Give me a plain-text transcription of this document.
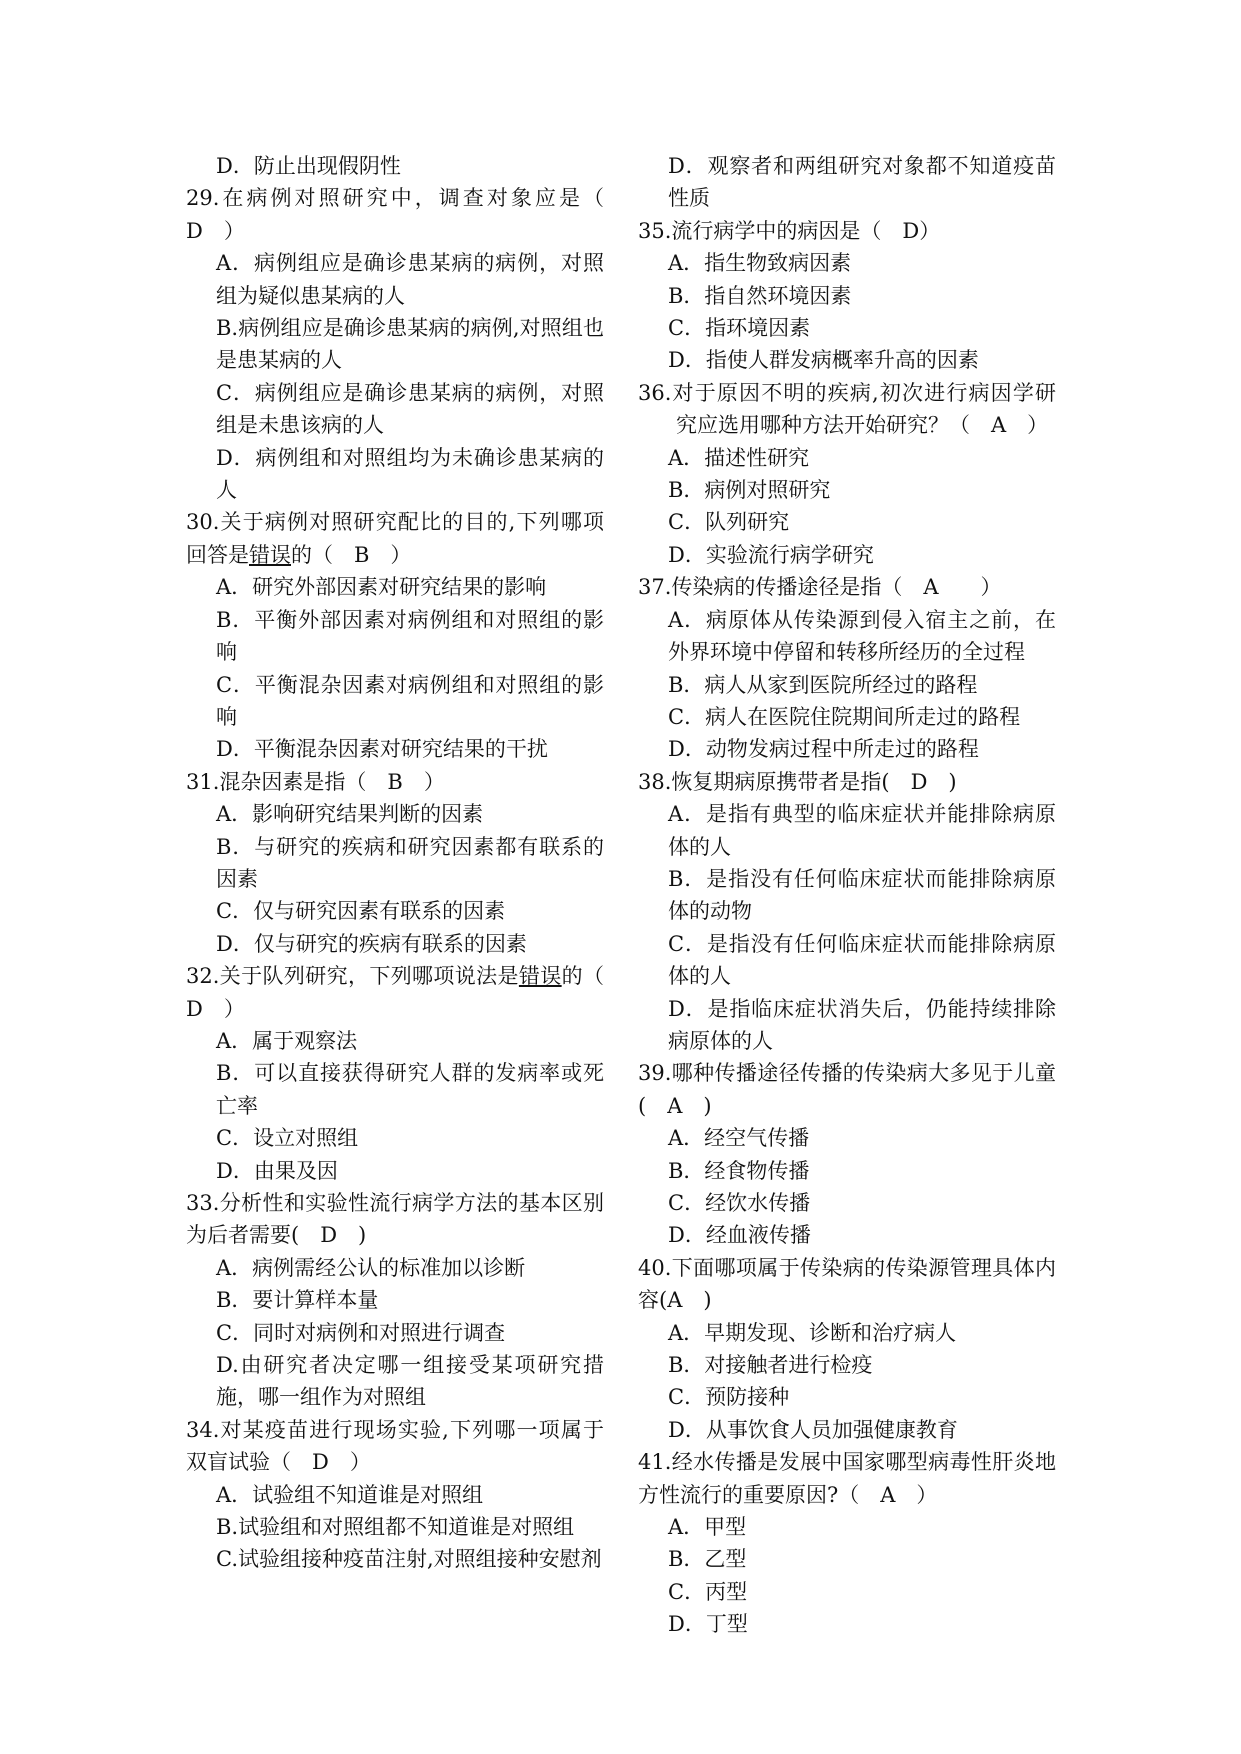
D．防止出现假阴性

29.在病例对照研究中，调查对象应是（　D　）

A．病例组应是确诊患某病的病例，对照组为疑似患某病的人

B.病例组应是确诊患某病的病例,对照组也是患某病的人

C．病例组应是确诊患某病的病例，对照组是未患该病的人

D．病例组和对照组均为未确诊患某病的人

30.关于病例对照研究配比的目的,下列哪项回答是错误的（　B　）

A．研究外部因素对研究结果的影响

B．平衡外部因素对病例组和对照组的影响

C．平衡混杂因素对病例组和对照组的影响

D．平衡混杂因素对研究结果的干扰

31.混杂因素是指（　B　）

A．影响研究结果判断的因素

B．与研究的疾病和研究因素都有联系的因素

C．仅与研究因素有联系的因素

D．仅与研究的疾病有联系的因素

32.关于队列研究，下列哪项说法是错误的（　D　）

A．属于观察法

B．可以直接获得研究人群的发病率或死亡率

C．设立对照组

D．由果及因

33.分析性和实验性流行病学方法的基本区别为后者需要(　D　)

A．病例需经公认的标准加以诊断

B．要计算样本量

C．同时对病例和对照进行调查

D.由研究者决定哪一组接受某项研究措施，哪一组作为对照组

34.对某疫苗进行现场实验,下列哪一项属于双盲试验（　D　）

A．试验组不知道谁是对照组

B.试验组和对照组都不知道谁是对照组

C.试验组接种疫苗注射,对照组接种安慰剂

D．观察者和两组研究对象都不知道疫苗性质

35.流行病学中的病因是（　D）

A．指生物致病因素

B．指自然环境因素

C．指环境因素

D．指使人群发病概率升高的因素

36.对于原因不明的疾病,初次进行病因学研究应选用哪种方法开始研究？（　A　）

A．描述性研究

B．病例对照研究

C．队列研究

D．实验流行病学研究

37.传染病的传播途径是指（　A　　）

A．病原体从传染源到侵入宿主之前，在外界环境中停留和转移所经历的全过程

B．病人从家到医院所经过的路程

C．病人在医院住院期间所走过的路程

D．动物发病过程中所走过的路程

38.恢复期病原携带者是指(　D　)

A．是指有典型的临床症状并能排除病原体的人

B．是指没有任何临床症状而能排除病原体的动物

C．是指没有任何临床症状而能排除病原体的人

D．是指临床症状消失后，仍能持续排除病原体的人

39.哪种传播途径传播的传染病大多见于儿童(　A　)

A．经空气传播

B．经食物传播

C．经饮水传播

D．经血液传播

40.下面哪项属于传染病的传染源管理具体内容(A　)

A．早期发现、诊断和治疗病人

B．对接触者进行检疫

C．预防接种

D．从事饮食人员加强健康教育

41.经水传播是发展中国家哪型病毒性肝炎地方性流行的重要原因?（　A　）

A．甲型

B．乙型

C．丙型

D．丁型
